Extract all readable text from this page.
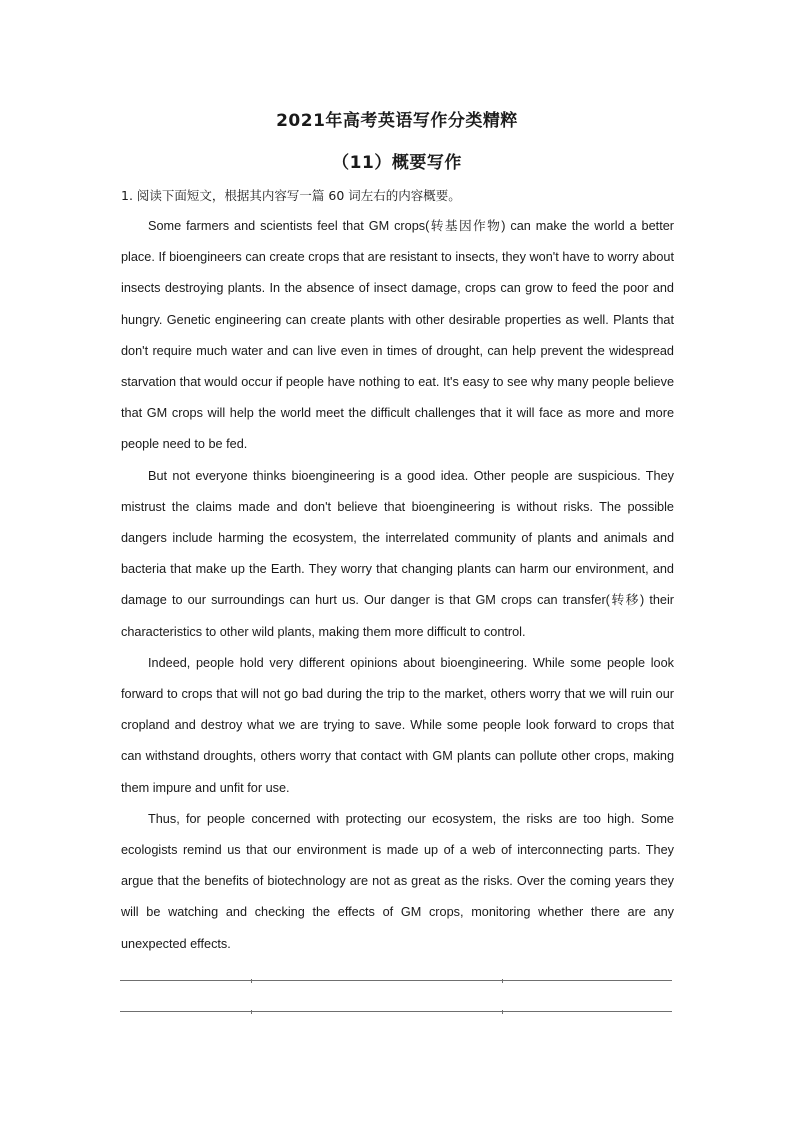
2021年高考英语写作分类精粹
（11）概要写作
1. 阅读下面短文，根据其内容写一篇 60 词左右的内容概要。

Some farmers and scientists feel that GM crops(转基因作物) can make the world a better place. If bioengineers can create crops that are resistant to insects, they won't have to worry about insects destroying plants. In the absence of insect damage, crops can grow to feed the poor and hungry. Genetic engineering can create plants with other desirable properties as well. Plants that don't require much water and can live even in times of drought, can help prevent the widespread starvation that would occur if people have nothing to eat. It's easy to see why many people believe that GM crops will help the world meet the difficult challenges that it will face as more and more people need to be fed.

But not everyone thinks bioengineering is a good idea. Other people are suspicious. They mistrust the claims made and don't believe that bioengineering is without risks. The possible dangers include harming the ecosystem, the interrelated community of plants and animals and bacteria that make up the Earth. They worry that changing plants can harm our environment, and damage to our surroundings can hurt us. Our danger is that GM crops can transfer(转移) their characteristics to other wild plants, making them more difficult to control.

Indeed, people hold very different opinions about bioengineering. While some people look forward to crops that will not go bad during the trip to the market, others worry that we will ruin our cropland and destroy what we are trying to save. While some people look forward to crops that can withstand droughts, others worry that contact with GM plants can pollute other crops, making them impure and unfit for use.

Thus, for people concerned with protecting our ecosystem, the risks are too high. Some ecologists remind us that our environment is made up of a web of interconnecting parts. They argue that the benefits of biotechnology are not as great as the risks. Over the coming years they will be watching and checking the effects of GM crops, monitoring whether there are any unexpected effects.
